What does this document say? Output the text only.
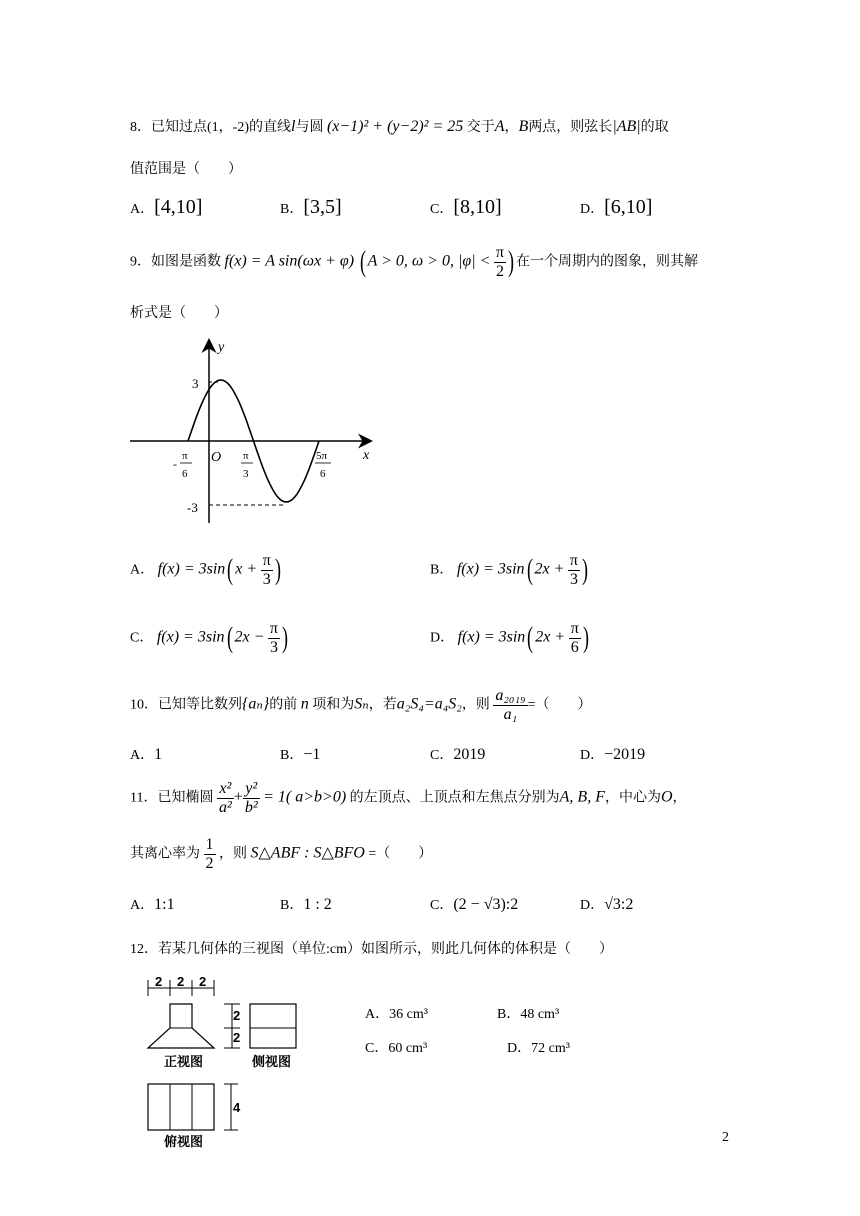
8．已知过点(1，-2)的直线l与圆 (x−1)² + (y−2)² = 25 交于A，B两点，则弦长|AB|的取
值范围是（　　）
A．[4,10]	B．[3,5]	C．[8,10]	D．[6,10]
9．如图是函数 f(x) = A sin(ωx + φ) ( A > 0, ω > 0, $|\varphi| < \frac{\pi}{2}$ ) 在一个周期内的图象，则其解
析式是（　　）
y
x
O
3
-3
-
π
6
π
3
5π
6
A． f(x) = 3sin( $x + \frac{\pi}{3}$ )	B． f(x) = 3sin( $2x + \frac{\pi}{3}$ )
C． f(x) = 3sin( $2x - \frac{\pi}{3}$ )	D． f(x) = 3sin( $2x + \frac{\pi}{6}$ )
10．已知等比数列{aₙ}的前 n 项和为Sₙ，若a₂S₄=a₄S₂，则 $\frac{\text{a₂₀₁₉}}{\text{a₁}}$ =（　　）
A．1	B．−1	C．2019	D．−2019
11．已知椭圆 $\frac{\text{x²}}{\text{a²}} + \frac{\text{y²}}{\text{b²}} = 1$( a>b>0) 的左顶点、上顶点和左焦点分别为A, B, F，中心为O，
其离心率为 $\frac{1}{2}$ ，则 S△ABF : S△BFO =（　　）
A．1:1	B．1 : 2	C．(2 − √3):2	D．√3:2
12．若某几何体的三视图（单位:cm）如图所示，则此几何体的体积是（　　）
2 2 2
2
2
正视图	侧视图
4
俯视图
A．36 cm³	B．48 cm³
C．60 cm³	D．72 cm³
2
